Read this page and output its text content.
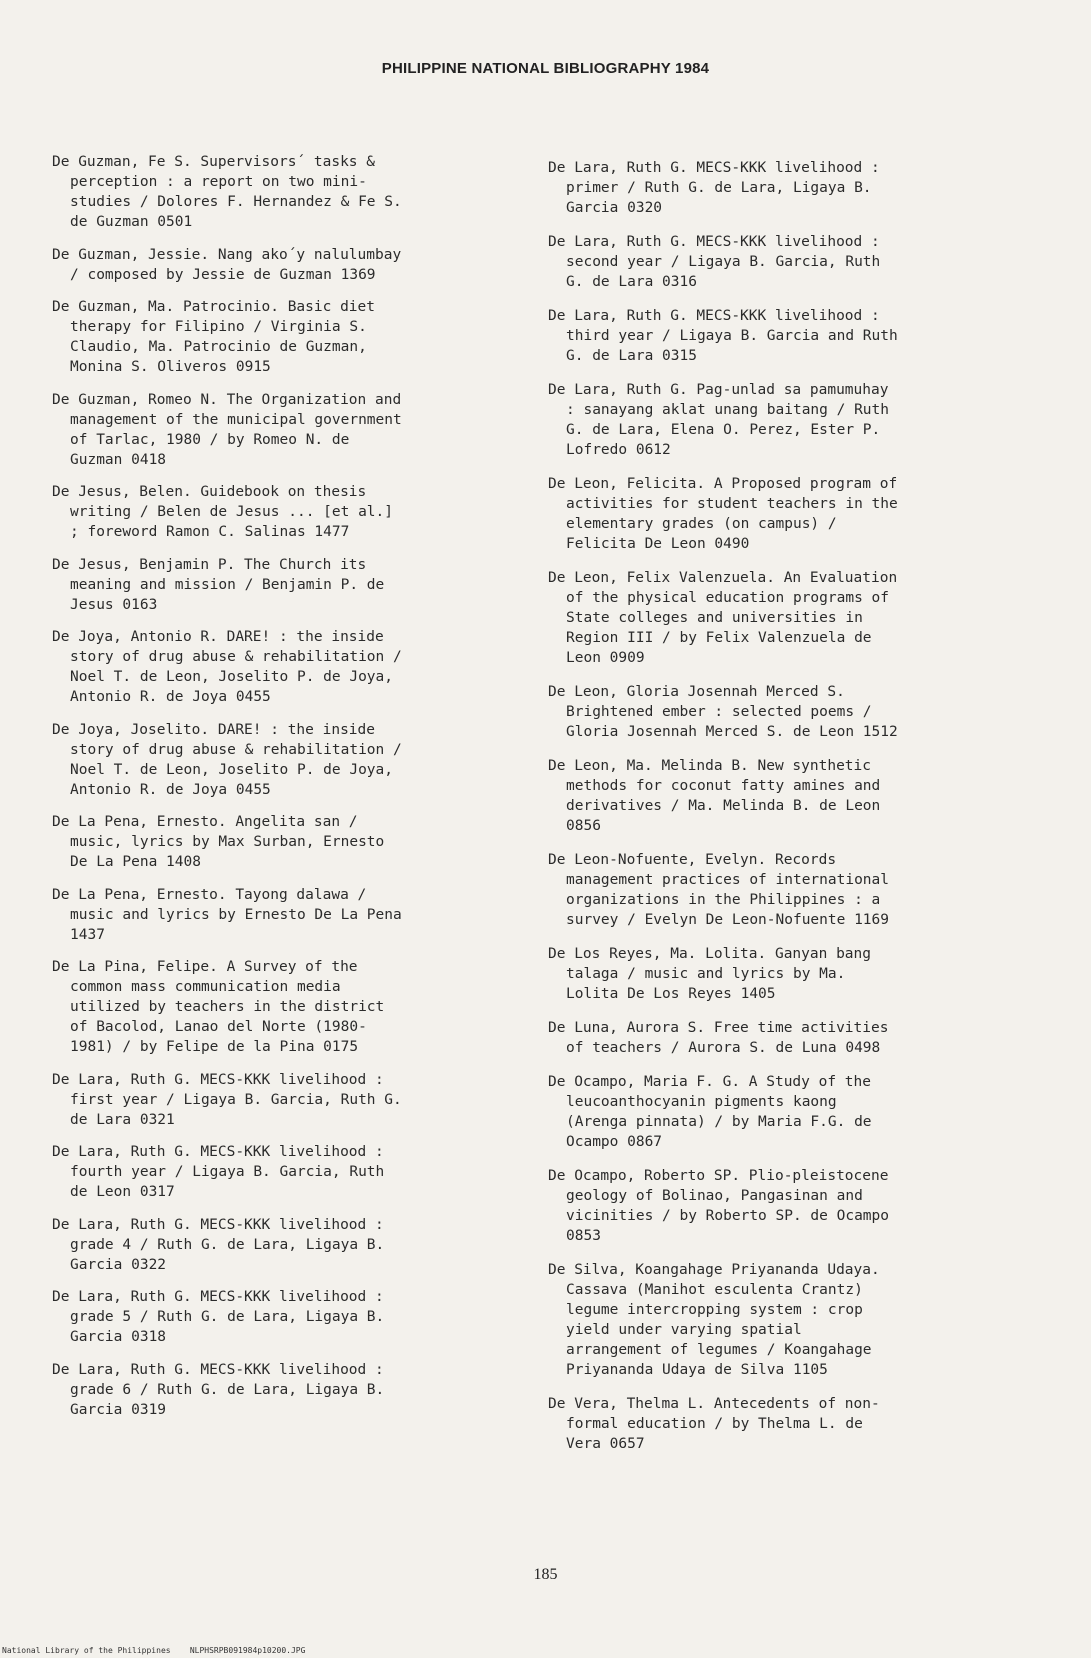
PHILIPPINE NATIONAL BIBLIOGRAPHY 1984
De Guzman, Fe S. Supervisors´ tasks &
perception : a report on two mini-
studies / Dolores F. Hernandez & Fe S.
de Guzman 0501
De Guzman, Jessie. Nang ako´y nalulumbay
/ composed by Jessie de Guzman 1369
De Guzman, Ma. Patrocinio. Basic diet
therapy for Filipino / Virginia S.
Claudio, Ma. Patrocinio de Guzman,
Monina S. Oliveros 0915
De Guzman, Romeo N. The Organization and
management of the municipal government
of Tarlac, 1980 / by Romeo N. de
Guzman 0418
De Jesus, Belen. Guidebook on thesis
writing / Belen de Jesus ... [et al.]
; foreword Ramon C. Salinas 1477
De Jesus, Benjamin P. The Church its
meaning and mission / Benjamin P. de
Jesus 0163
De Joya, Antonio R. DARE! : the inside
story of drug abuse & rehabilitation /
Noel T. de Leon, Joselito P. de Joya,
Antonio R. de Joya 0455
De Joya, Joselito. DARE! : the inside
story of drug abuse & rehabilitation /
Noel T. de Leon, Joselito P. de Joya,
Antonio R. de Joya 0455
De La Pena, Ernesto. Angelita san /
music, lyrics by Max Surban, Ernesto
De La Pena 1408
De La Pena, Ernesto. Tayong dalawa /
music and lyrics by Ernesto De La Pena
1437
De La Pina, Felipe. A Survey of the
common mass communication media
utilized by teachers in the district
of Bacolod, Lanao del Norte (1980-
1981) / by Felipe de la Pina 0175
De Lara, Ruth G. MECS-KKK livelihood :
first year / Ligaya B. Garcia, Ruth G.
de Lara 0321
De Lara, Ruth G. MECS-KKK livelihood :
fourth year / Ligaya B. Garcia, Ruth
de Leon 0317
De Lara, Ruth G. MECS-KKK livelihood :
grade 4 / Ruth G. de Lara, Ligaya B.
Garcia 0322
De Lara, Ruth G. MECS-KKK livelihood :
grade 5 / Ruth G. de Lara, Ligaya B.
Garcia 0318
De Lara, Ruth G. MECS-KKK livelihood :
grade 6 / Ruth G. de Lara, Ligaya B.
Garcia 0319
De Lara, Ruth G. MECS-KKK livelihood :
primer / Ruth G. de Lara, Ligaya B.
Garcia 0320
De Lara, Ruth G. MECS-KKK livelihood :
second year / Ligaya B. Garcia, Ruth
G. de Lara 0316
De Lara, Ruth G. MECS-KKK livelihood :
third year / Ligaya B. Garcia and Ruth
G. de Lara 0315
De Lara, Ruth G. Pag-unlad sa pamumuhay
: sanayang aklat unang baitang / Ruth
G. de Lara, Elena O. Perez, Ester P.
Lofredo 0612
De Leon, Felicita. A Proposed program of
activities for student teachers in the
elementary grades (on campus) /
Felicita De Leon 0490
De Leon, Felix Valenzuela. An Evaluation
of the physical education programs of
State colleges and universities in
Region III / by Felix Valenzuela de
Leon 0909
De Leon, Gloria Josennah Merced S.
Brightened ember : selected poems /
Gloria Josennah Merced S. de Leon 1512
De Leon, Ma. Melinda B. New synthetic
methods for coconut fatty amines and
derivatives / Ma. Melinda B. de Leon
0856
De Leon-Nofuente, Evelyn. Records
management practices of international
organizations in the Philippines : a
survey / Evelyn De Leon-Nofuente 1169
De Los Reyes, Ma. Lolita. Ganyan bang
talaga / music and lyrics by Ma.
Lolita De Los Reyes 1405
De Luna, Aurora S. Free time activities
of teachers / Aurora S. de Luna 0498
De Ocampo, Maria F. G. A Study of the
leucoanthocyanin pigments kaong
(Arenga pinnata) / by Maria F.G. de
Ocampo 0867
De Ocampo, Roberto SP. Plio-pleistocene
geology of Bolinao, Pangasinan and
vicinities / by Roberto SP. de Ocampo
0853
De Silva, Koangahage Priyananda Udaya.
Cassava (Manihot esculenta Crantz)
legume intercropping system : crop
yield under varying spatial
arrangement of legumes / Koangahage
Priyananda Udaya de Silva 1105
De Vera, Thelma L. Antecedents of non-
formal education / by Thelma L. de
Vera 0657
185
National Library of the Philippines    NLPHSRPB091984p10200.JPG
